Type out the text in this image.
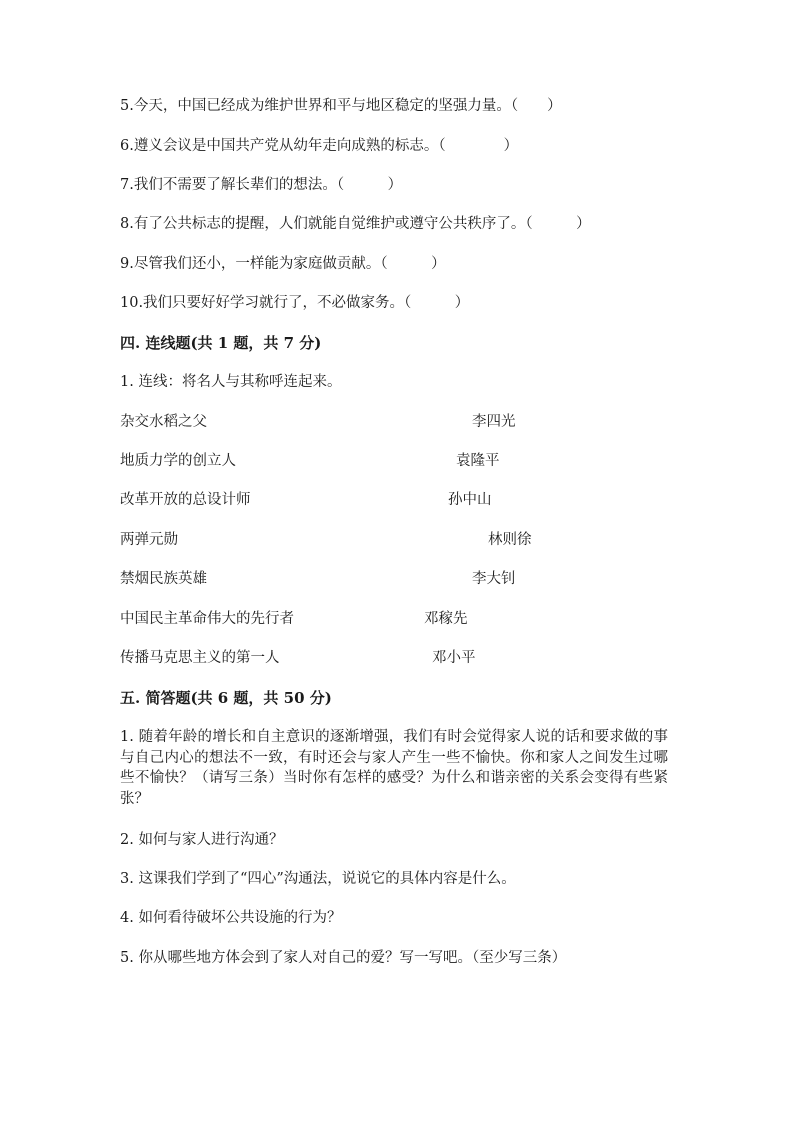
5.今天，中国已经成为维护世界和平与地区稳定的坚强力量。（　　）
6.遵义会议是中国共产党从幼年走向成熟的标志。（　　　　）
7.我们不需要了解长辈们的想法。（　　　）
8.有了公共标志的提醒，人们就能自觉维护或遵守公共秩序了。（　　　）
9.尽管我们还小，一样能为家庭做贡献。（　　　）
10.我们只要好好学习就行了，不必做家务。（　　　）
四. 连线题(共 1 题，共 7 分)
1. 连线：将名人与其称呼连起来。
杂交水稻之父	李四光
地质力学的创立人	袁隆平
改革开放的总设计师	孙中山
两弹元勋	林则徐
禁烟民族英雄	李大钊
中国民主革命伟大的先行者	邓稼先
传播马克思主义的第一人	邓小平
五. 简答题(共 6 题，共 50 分)
1. 随着年龄的增长和自主意识的逐渐增强，我们有时会觉得家人说的话和要求做的事与自己内心的想法不一致，有时还会与家人产生一些不愉快。你和家人之间发生过哪些不愉快？（请写三条）当时你有怎样的感受？为什么和谐亲密的关系会变得有些紧张？
2. 如何与家人进行沟通？
3. 这课我们学到了“四心”沟通法，说说它的具体内容是什么。
4. 如何看待破坏公共设施的行为？
5. 你从哪些地方体会到了家人对自己的爱？写一写吧。（至少写三条）
